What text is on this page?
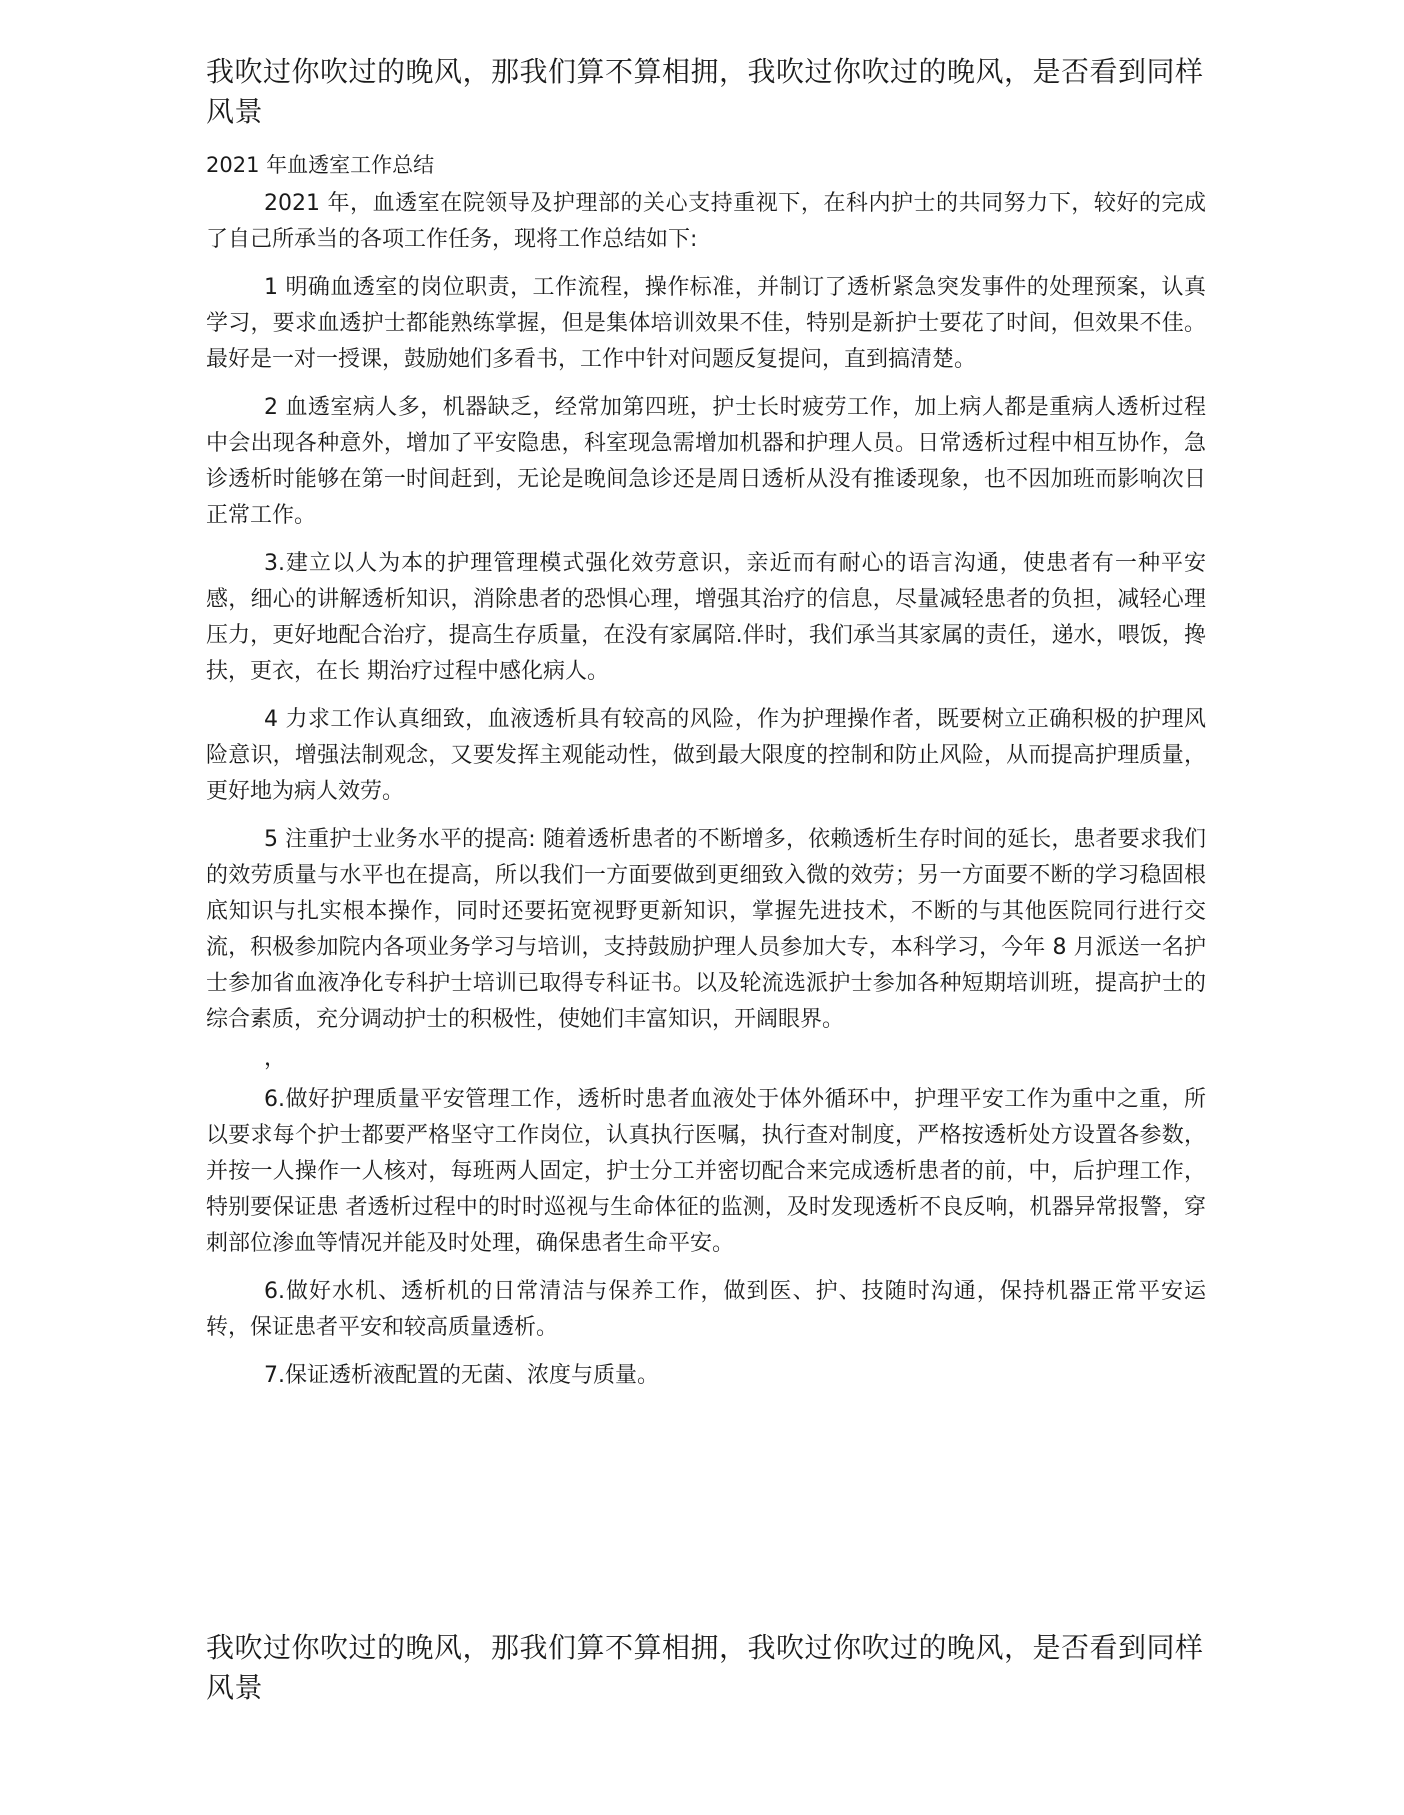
我吹过你吹过的晚风，那我们算不算相拥，我吹过你吹过的晚风，是否看到同样风景

2021 年血透室工作总结

2021 年，血透室在院领导及护理部的关心支持重视下，在科内护士的共同努力下，较好的完成了自己所承当的各项工作任务，现将工作总结如下:

1 明确血透室的岗位职责，工作流程，操作标准，并制订了透析紧急突发事件的处理预案，认真学习，要求血透护士都能熟练掌握，但是集体培训效果不佳，特别是新护士要花了时间，但效果不佳。最好是一对一授课，鼓励她们多看书，工作中针对问题反复提问，直到搞清楚。

2 血透室病人多，机器缺乏，经常加第四班，护士长时疲劳工作，加上病人都是重病人透析过程中会出现各种意外，增加了平安隐患，科室现急需增加机器和护理人员。日常透析过程中相互协作，急诊透析时能够在第一时间赶到，无论是晚间急诊还是周日透析从没有推诿现象，也不因加班而影响次日正常工作。

3.建立以人为本的护理管理模式强化效劳意识，亲近而有耐心的语言沟通，使患者有一种平安感，细心的讲解透析知识，消除患者的恐惧心理，增强其治疗的信息，尽量减轻患者的负担，减轻心理压力，更好地配合治疗，提高生存质量，在没有家属陪.伴时，我们承当其家属的责任，递水，喂饭，搀扶，更衣，在长 期治疗过程中感化病人。

4 力求工作认真细致，血液透析具有较高的风险，作为护理操作者，既要树立正确积极的护理风险意识，增强法制观念，又要发挥主观能动性，做到最大限度的控制和防止风险，从而提高护理质量，更好地为病人效劳。

5 注重护士业务水平的提高: 随着透析患者的不断增多，依赖透析生存时间的延长，患者要求我们的效劳质量与水平也在提高，所以我们一方面要做到更细致入微的效劳；另一方面要不断的学习稳固根底知识与扎实根本操作，同时还要拓宽视野更新知识，掌握先进技术，不断的与其他医院同行进行交流，积极参加院内各项业务学习与培训，支持鼓励护理人员参加大专，本科学习，今年 8 月派送一名护士参加省血液净化专科护士培训已取得专科证书。以及轮流选派护士参加各种短期培训班，提高护士的综合素质，充分调动护士的积极性，使她们丰富知识，开阔眼界。

，

6.做好护理质量平安管理工作，透析时患者血液处于体外循环中，护理平安工作为重中之重，所以要求每个护士都要严格坚守工作岗位，认真执行医嘱，执行查对制度，严格按透析处方设置各参数，并按一人操作一人核对，每班两人固定，护士分工并密切配合来完成透析患者的前，中，后护理工作，特别要保证患 者透析过程中的时时巡视与生命体征的监测，及时发现透析不良反响，机器异常报警，穿刺部位渗血等情况并能及时处理，确保患者生命平安。

6.做好水机、透析机的日常清洁与保养工作，做到医、护、技随时沟通，保持机器正常平安运转，保证患者平安和较高质量透析。

7.保证透析液配置的无菌、浓度与质量。

我吹过你吹过的晚风，那我们算不算相拥，我吹过你吹过的晚风，是否看到同样风景
